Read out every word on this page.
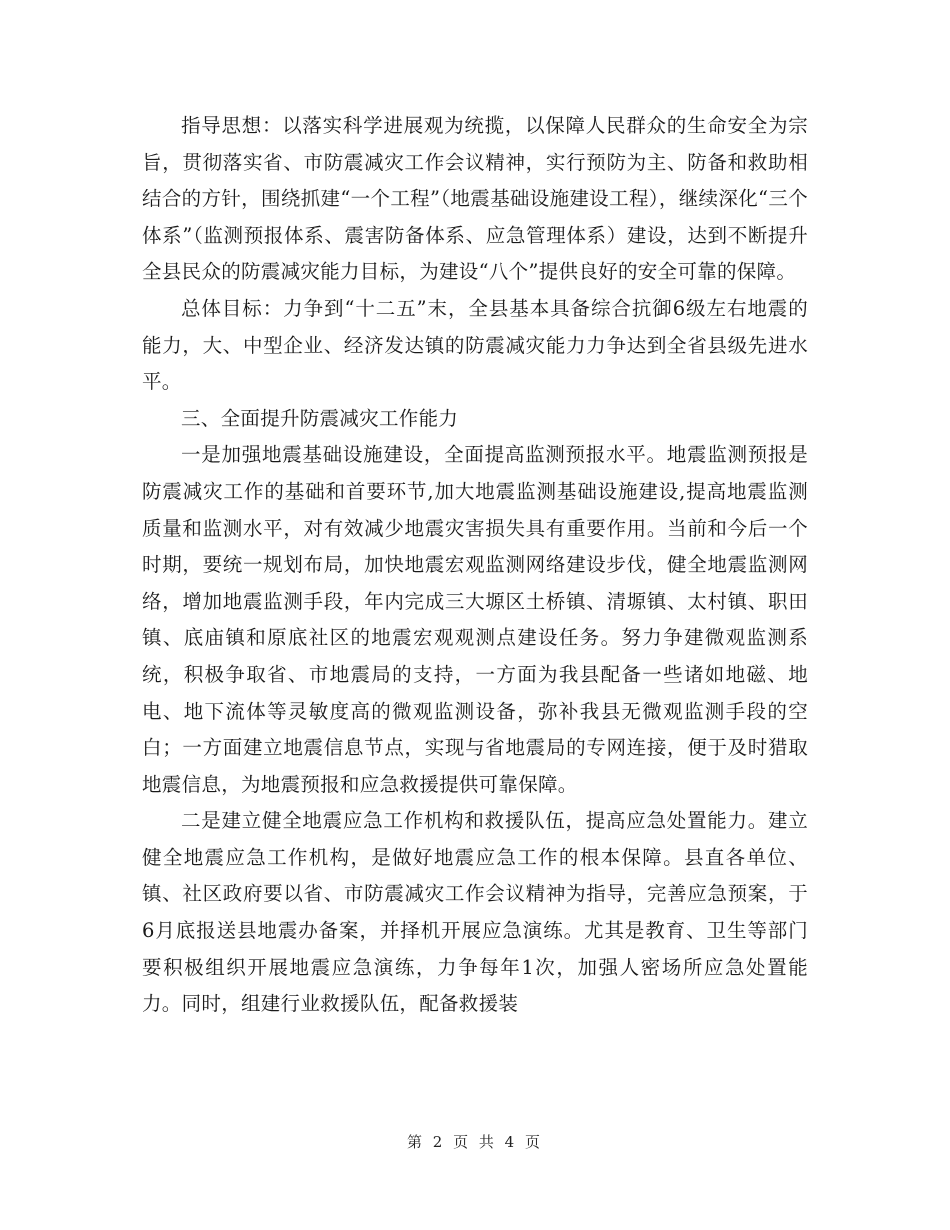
指导思想：以落实科学进展观为统揽，以保障人民群众的生命安全为宗旨，贯彻落实省、市防震减灾工作会议精神，实行预防为主、防备和救助相结合的方针，围绕抓建“一个工程”（地震基础设施建设工程），继续深化“三个体系”（监测预报体系、震害防备体系、应急管理体系）建设，达到不断提升全县民众的防震减灾能力目标，为建设“八个”提供良好的安全可靠的保障。

总体目标：力争到“十二五”末，全县基本具备综合抗御6级左右地震的能力，大、中型企业、经济发达镇的防震减灾能力力争达到全省县级先进水平。

三、全面提升防震减灾工作能力

一是加强地震基础设施建设，全面提高监测预报水平。地震监测预报是防震减灾工作的基础和首要环节,加大地震监测基础设施建设,提高地震监测质量和监测水平，对有效减少地震灾害损失具有重要作用。当前和今后一个时期，要统一规划布局，加快地震宏观监测网络建设步伐，健全地震监测网络，增加地震监测手段，年内完成三大塬区土桥镇、清塬镇、太村镇、职田镇、底庙镇和原底社区的地震宏观观测点建设任务。努力争建微观监测系统，积极争取省、市地震局的支持，一方面为我县配备一些诸如地磁、地电、地下流体等灵敏度高的微观监测设备，弥补我县无微观监测手段的空白；一方面建立地震信息节点，实现与省地震局的专网连接，便于及时猎取地震信息，为地震预报和应急救援提供可靠保障。

二是建立健全地震应急工作机构和救援队伍，提高应急处置能力。建立健全地震应急工作机构，是做好地震应急工作的根本保障。县直各单位、镇、社区政府要以省、市防震减灾工作会议精神为指导，完善应急预案，于6月底报送县地震办备案，并择机开展应急演练。尤其是教育、卫生等部门要积极组织开展地震应急演练，力争每年1次，加强人密场所应急处置能力。同时，组建行业救援队伍，配备救援装

第 2 页 共 4 页
